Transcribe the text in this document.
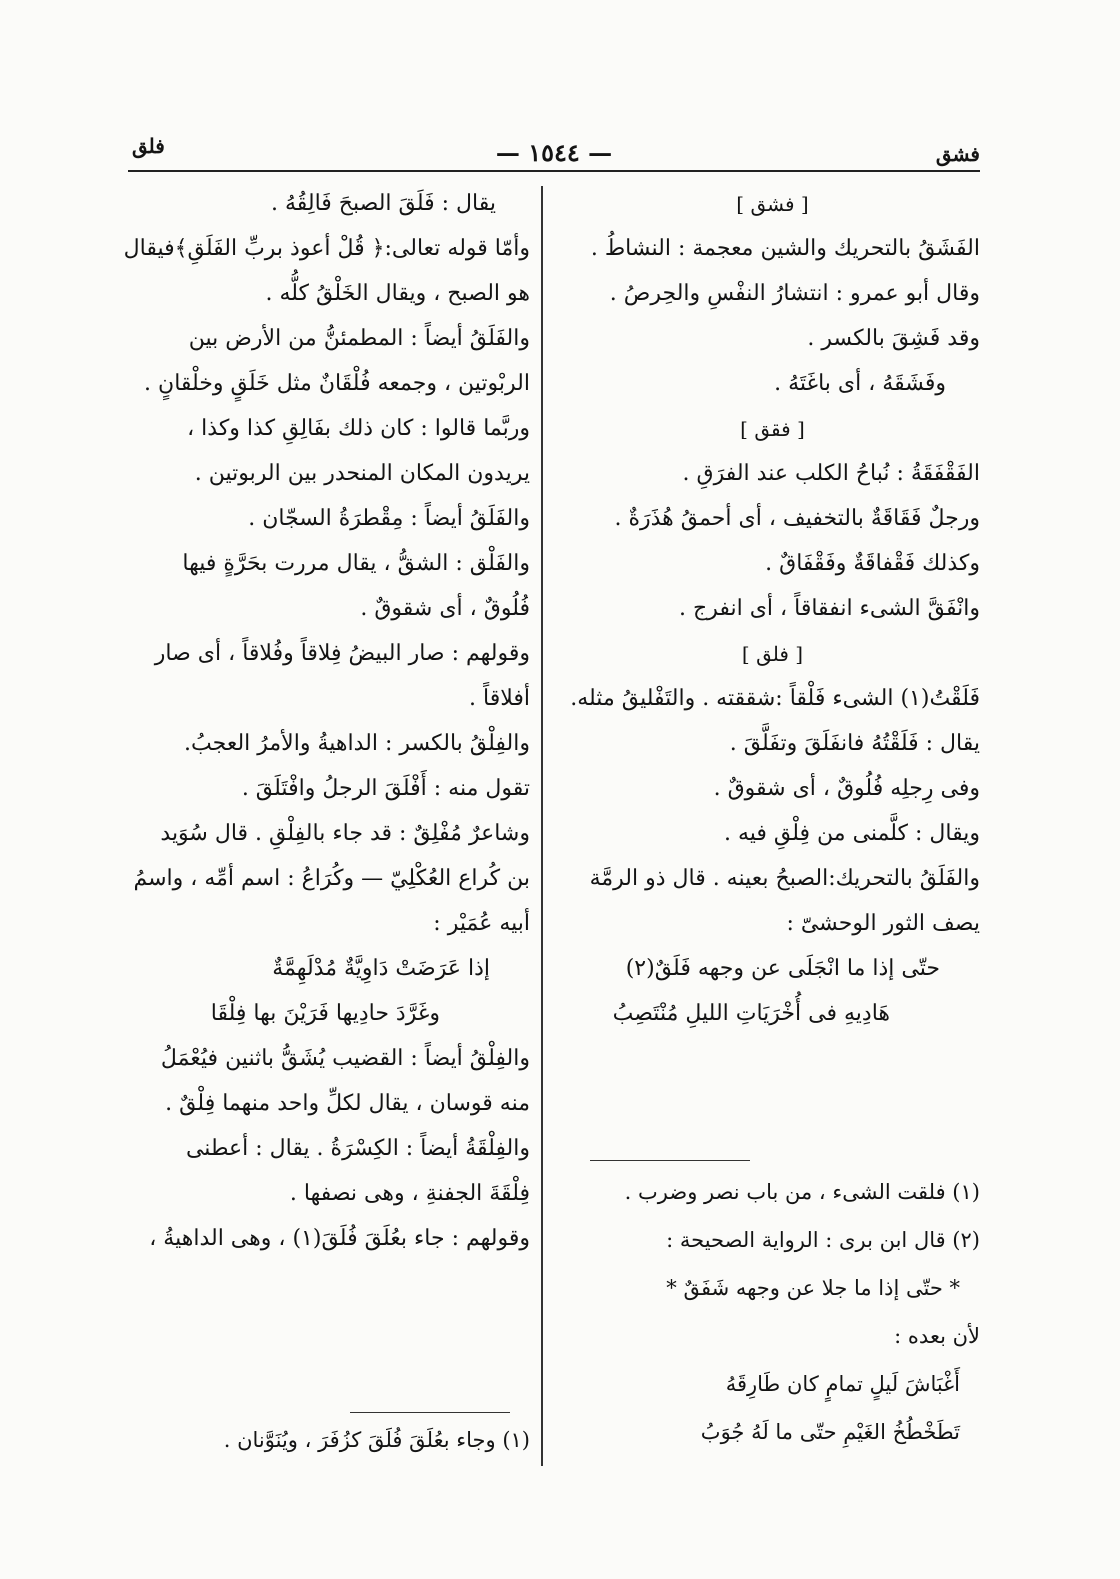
فشق
— ١٥٤٤ —
فلق
[ فشق ]
الفَشَقُ بالتحريك والشين معجمة : النشاطُ .
وقال أبو عمرو : انتشارُ النفْسِ والحِرصُ .
وقد فَشِقَ بالكسر .
وفَشَقَهُ ، أى باغَتَهُ .
[ فقق ]
الفَقْفَقَةُ : نُباحُ الكلب عند الفرَقِ .
ورجلٌ فَقَاقَةٌ بالتخفيف ، أى أحمقُ هُذَرَةٌ .
وكذلك فَقْفاقَةٌ وفَقْفَاقٌ .
وانْفَقَّ الشىء انفقاقاً ، أى انفرج .
[ فلق ]
فَلَقْتُ(١) الشىء فَلْقاً :شققته . والتَفْليقُ مثله.
يقال : فَلَقْتُهُ فانفَلَقَ وتفَلَّقَ .
وفى رِجلِه فُلُوقٌ ، أى شقوقٌ .
ويقال : كلَّمنى من فِلْقِ فيه .
والفَلَقُ بالتحريك:الصبحُ بعينه . قال ذو الرمَّة
يصف الثور الوحشىّ :
حتّى إذا ما انْجَلَى عن وجهه فَلَقٌ(٢)
هَادِيهِ فى أُخْرَيَاتِ الليلِ مُنْتَصِبُ
(١) فلقت الشىء ، من باب نصر وضرب .
(٢) قال ابن برى : الرواية الصحيحة :
* حتّى إذا ما جلا عن وجهه شَفَقٌ *
لأن بعده :
أَغْبَاشَ لَيلٍ تمامٍ كان طَارِقَهُ
تَطَخْطُخُ الغَيْمِ حتّى ما لَهُ جُوَبُ
يقال : فَلَقَ الصبحَ فَالِقُهُ .
وأمّا قوله تعالى:﴿ قُلْ أعوذ بربِّ الفَلَقِ﴾فيقال
هو الصبح ، ويقال الخَلْقُ كلُّه .
والفَلَقُ أيضاً : المطمئنُّ من الأرض بين
الربْوتين ، وجمعه فُلْقَانٌ مثل خَلَقٍ وخلْقانٍ .
وربَّما قالوا : كان ذلك بفَالِقِ كذا وكذا ،
يريدون المكان المنحدر بين الربوتين .
والفَلَقُ أيضاً : مِقْطرَةُ السجّان .
والفَلْق : الشقُّ ، يقال مررت بحَرَّةٍ فيها
فُلُوقٌ ، أى شقوقٌ .
وقولهم : صار البيضُ فِلاقاً وفُلاقاً ، أى صار
أفلاقاً .
والفِلْقُ بالكسر : الداهيةُ والأمرُ العجبُ.
تقول منه : أَفْلَقَ الرجلُ وافْتَلَقَ .
وشاعرٌ مُفْلِقٌ : قد جاء بالفِلْقِ . قال سُوَيد
بن كُراع العُكْلِيّ — وكُرَاعُ : اسم أمِّه ، واسمُ
أبيه عُمَيْر :
إذا عَرَضَتْ دَاوِيَّةٌ مُدْلَهِمَّةٌ
وغَرَّدَ حادِيها فَرَيْنَ بها فِلْقَا
والفِلْقُ أيضاً : القضيب يُشَقُّ باثنين فيُعْمَلُ
منه قوسان ، يقال لكلِّ واحد منهما فِلْقٌ .
والفِلْقَةُ أيضاً : الكِسْرَةُ . يقال : أعطنى
فِلْقَةَ الجفنةِ ، وهى نصفها .
وقولهم : جاء بعُلَقَ فُلَقَ(١) ، وهى الداهيةُ ،
(١) وجاء بعُلَقَ فُلَقَ كزُفَرَ ، ويُنَوَّنان .
